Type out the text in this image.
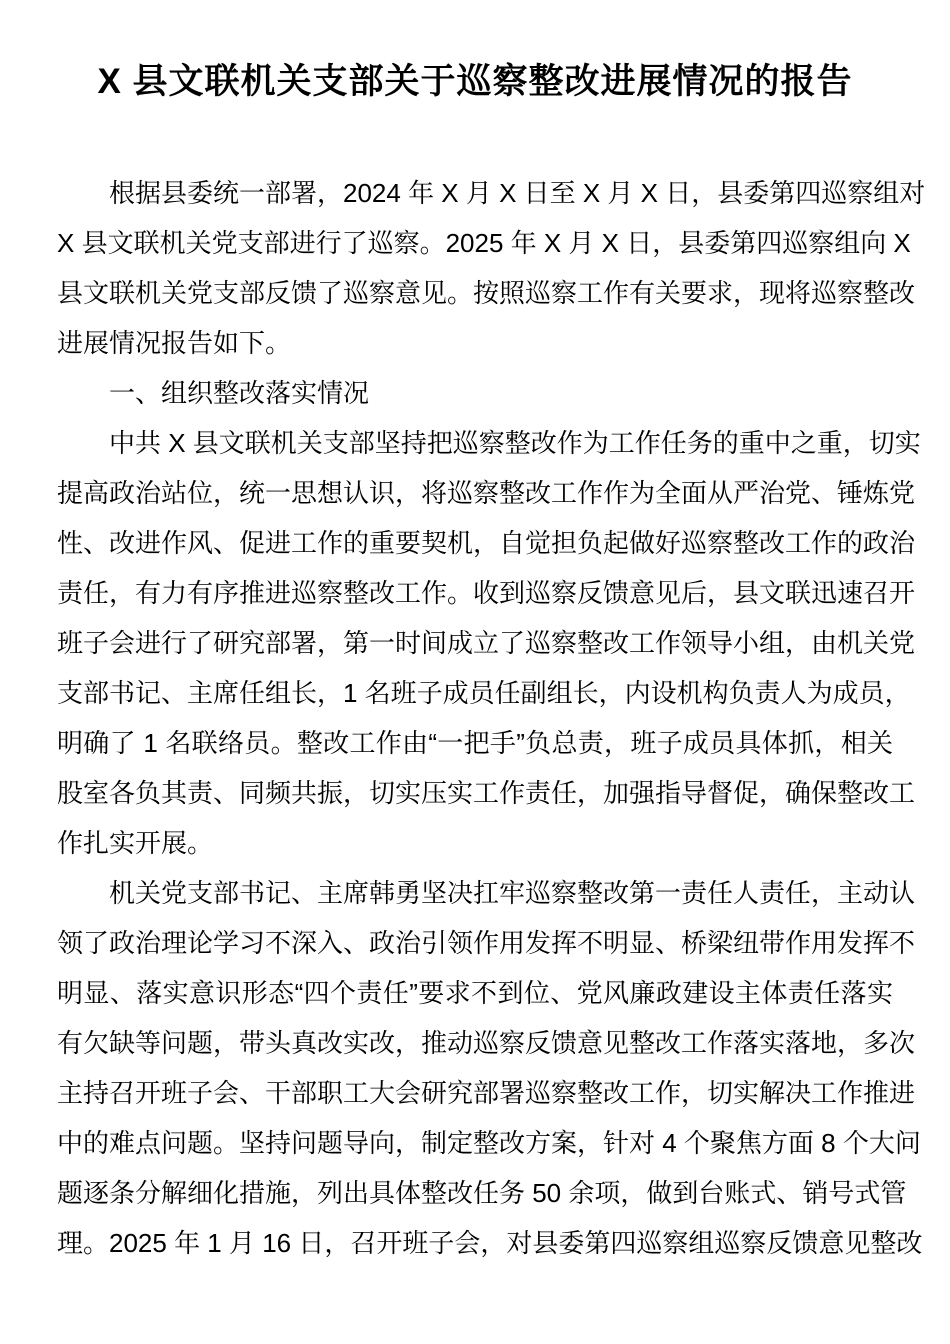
X 县文联机关支部关于巡察整改进展情况的报告
根据县委统一部署，2024 年 X 月 X 日至 X 月 X 日，县委第四巡察组对
X 县文联机关党支部进行了巡察。2025 年 X 月 X 日，县委第四巡察组向 X
县文联机关党支部反馈了巡察意见。按照巡察工作有关要求，现将巡察整改
进展情况报告如下。
一、组织整改落实情况
中共 X 县文联机关支部坚持把巡察整改作为工作任务的重中之重，切实
提高政治站位，统一思想认识，将巡察整改工作作为全面从严治党、锤炼党
性、改进作风、促进工作的重要契机，自觉担负起做好巡察整改工作的政治
责任，有力有序推进巡察整改工作。收到巡察反馈意见后，县文联迅速召开
班子会进行了研究部署，第一时间成立了巡察整改工作领导小组，由机关党
支部书记、主席任组长，1 名班子成员任副组长，内设机构负责人为成员，
明确了 1 名联络员。整改工作由“一把手”负总责，班子成员具体抓，相关
股室各负其责、同频共振，切实压实工作责任，加强指导督促，确保整改工
作扎实开展。
机关党支部书记、主席韩勇坚决扛牢巡察整改第一责任人责任，主动认
领了政治理论学习不深入、政治引领作用发挥不明显、桥梁纽带作用发挥不
明显、落实意识形态“四个责任”要求不到位、党风廉政建设主体责任落实
有欠缺等问题，带头真改实改，推动巡察反馈意见整改工作落实落地，多次
主持召开班子会、干部职工大会研究部署巡察整改工作，切实解决工作推进
中的难点问题。坚持问题导向，制定整改方案，针对 4 个聚焦方面 8 个大问
题逐条分解细化措施，列出具体整改任务 50 余项，做到台账式、销号式管
理。2025 年 1 月 16 日，召开班子会，对县委第四巡察组巡察反馈意见整改
